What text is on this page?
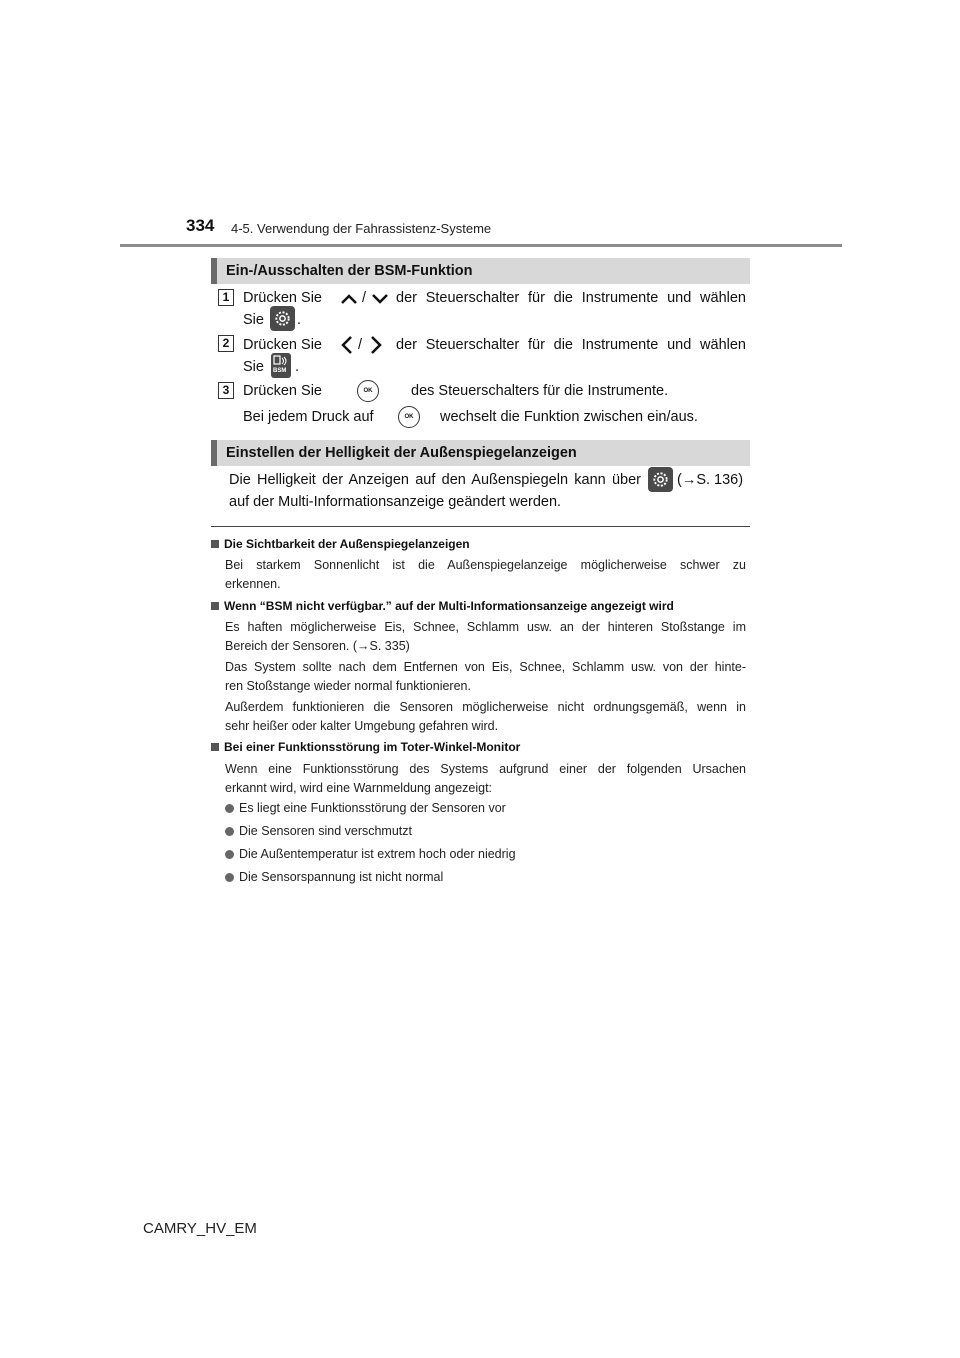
334 4-5. Verwendung der Fahrassistenz-Systeme
Ein-/Ausschalten der BSM-Funktion
1 Drücken Sie	/ der Steuerschalter für die Instrumente und wählen
Sie .
2 Drücken Sie / der Steuerschalter für die Instrumente und wählen
Sie BSM .
3 Drücken Sie	OK	des Steuerschalters für die Instrumente.
Bei jedem Druck auf	OK wechselt die Funktion zwischen ein/aus.
Einstellen der Helligkeit der Außenspiegelanzeigen
Die Helligkeit der Anzeigen auf den Außenspiegeln kann über (→S. 136)
auf der Multi-Informationsanzeige geändert werden.
Die Sichtbarkeit der Außenspiegelanzeigen
Bei starkem Sonnenlicht ist die Außenspiegelanzeige möglicherweise schwer zu
erkennen.
Wenn “BSM nicht verfügbar.” auf der Multi-Informationsanzeige angezeigt wird
Es haften möglicherweise Eis, Schnee, Schlamm usw. an der hinteren Stoßstange im
Bereich der Sensoren. (→S. 335)
Das System sollte nach dem Entfernen von Eis, Schnee, Schlamm usw. von der hinte-
ren Stoßstange wieder normal funktionieren.
Außerdem funktionieren die Sensoren möglicherweise nicht ordnungsgemäß, wenn in
sehr heißer oder kalter Umgebung gefahren wird.
Bei einer Funktionsstörung im Toter-Winkel-Monitor
Wenn eine Funktionsstörung des Systems aufgrund einer der folgenden Ursachen
erkannt wird, wird eine Warnmeldung angezeigt:
Es liegt eine Funktionsstörung der Sensoren vor
Die Sensoren sind verschmutzt
Die Außentemperatur ist extrem hoch oder niedrig
Die Sensorspannung ist nicht normal
CAMRY_HV_EM
